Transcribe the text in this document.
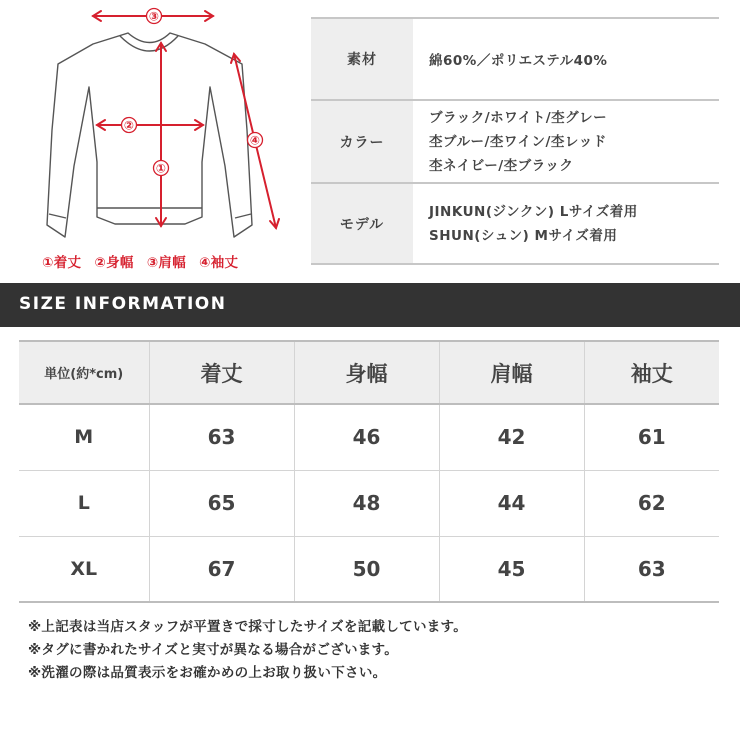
③
②
①
④
①着丈 ②身幅 ③肩幅 ④袖丈
素材	綿60%／ポリエステル40%
カラー	ブラック/ホワイト/杢グレー
杢ブルー/杢ワイン/杢レッド
杢ネイビー/杢ブラック

モデル	JINKUN(ジンクン) Lサイズ着用
SHUN(シュン) Mサイズ着用
SIZE INFORMATION
単位(約*cm)	着丈	身幅	肩幅	袖丈
M	63	46	42	61
L	65	48	44	62
XL	67	50	45	63
※上記表は当店スタッフが平置きで採寸したサイズを記載しています。
※タグに書かれたサイズと実寸が異なる場合がございます。
※洗濯の際は品質表示をお確かめの上お取り扱い下さい。
